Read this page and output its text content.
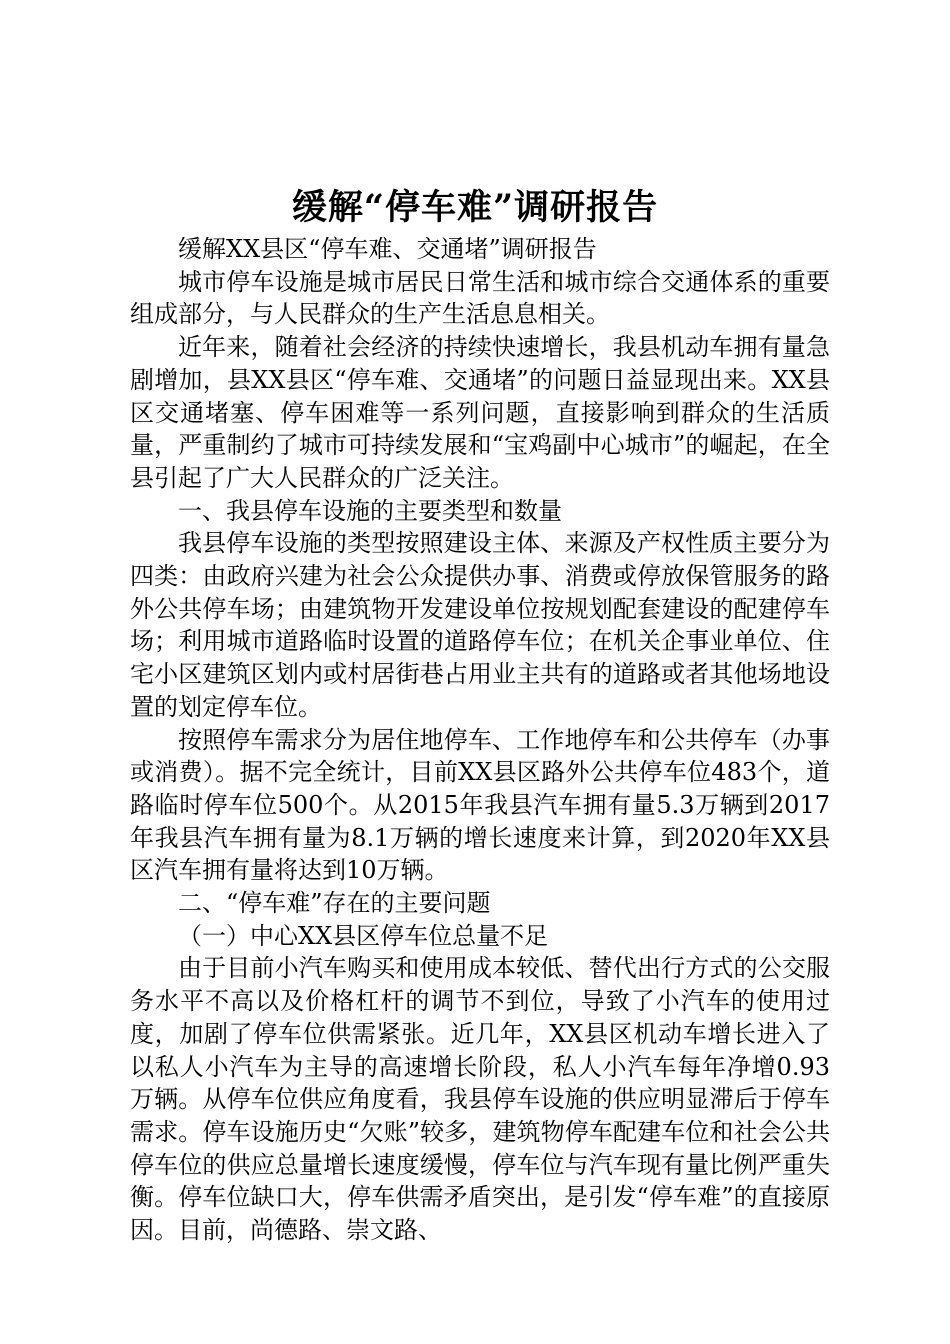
缓解“停车难”调研报告

缓解XX县区“停车难、交通堵”调研报告

城市停车设施是城市居民日常生活和城市综合交通体系的重要组成部分，与人民群众的生产生活息息相关。

近年来，随着社会经济的持续快速增长，我县机动车拥有量急剧增加，县XX县区“停车难、交通堵”的问题日益显现出来。XX县区交通堵塞、停车困难等一系列问题，直接影响到群众的生活质量，严重制约了城市可持续发展和“宝鸡副中心城市”的崛起，在全县引起了广大人民群众的广泛关注。

一、我县停车设施的主要类型和数量

我县停车设施的类型按照建设主体、来源及产权性质主要分为四类：由政府兴建为社会公众提供办事、消费或停放保管服务的路外公共停车场；由建筑物开发建设单位按规划配套建设的配建停车场；利用城市道路临时设置的道路停车位；在机关企事业单位、住宅小区建筑区划内或村居街巷占用业主共有的道路或者其他场地设置的划定停车位。

按照停车需求分为居住地停车、工作地停车和公共停车（办事或消费）。据不完全统计，目前XX县区路外公共停车位483个，道路临时停车位500个。从2015年我县汽车拥有量5.3万辆到2017年我县汽车拥有量为8.1万辆的增长速度来计算，到2020年XX县区汽车拥有量将达到10万辆。

二、“停车难”存在的主要问题

（一）中心XX县区停车位总量不足

由于目前小汽车购买和使用成本较低、替代出行方式的公交服务水平不高以及价格杠杆的调节不到位，导致了小汽车的使用过度，加剧了停车位供需紧张。近几年，XX县区机动车增长进入了以私人小汽车为主导的高速增长阶段，私人小汽车每年净增0.93万辆。从停车位供应角度看，我县停车设施的供应明显滞后于停车需求。停车设施历史“欠账”较多，建筑物停车配建车位和社会公共停车位的供应总量增长速度缓慢，停车位与汽车现有量比例严重失衡。停车位缺口大，停车供需矛盾突出，是引发“停车难”的直接原因。目前，尚德路、崇文路、
